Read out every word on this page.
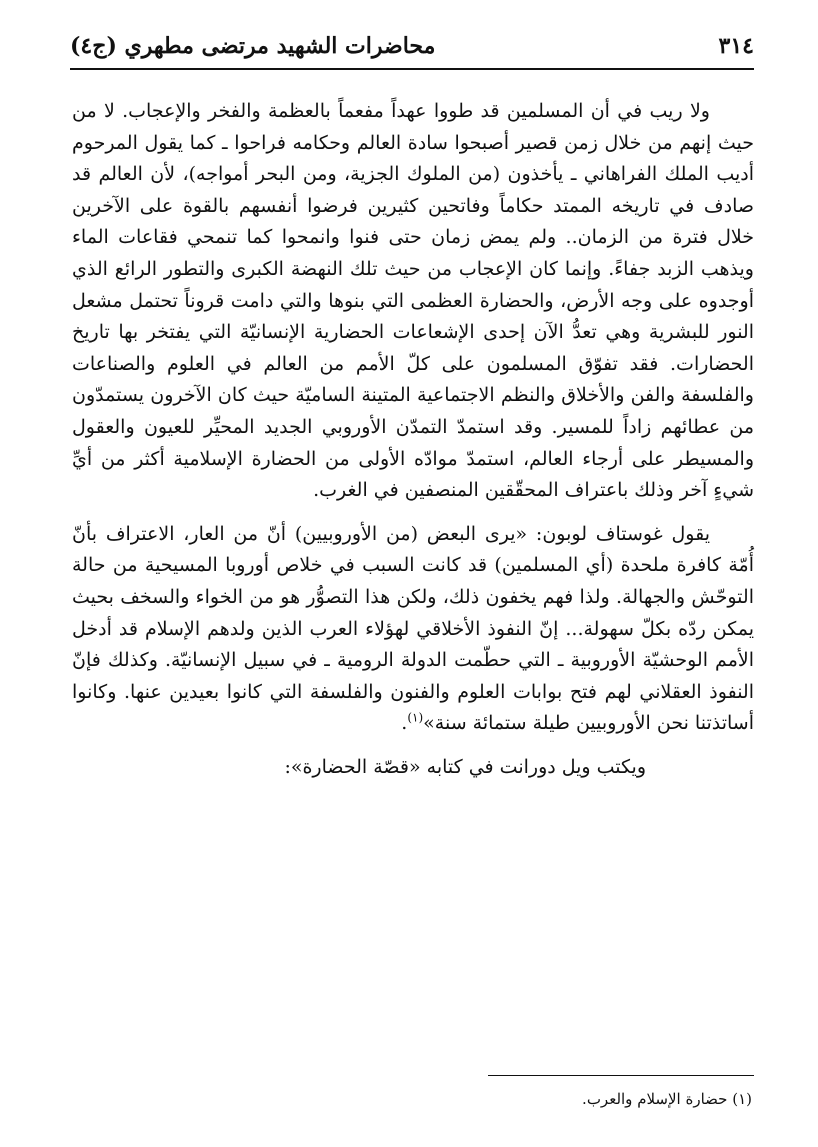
٣١٤
محاضرات الشهيد مرتضى مطهري (ج٤)

ولا ريب في أن المسلمين قد طووا عهداً مفعماً بالعظمة والفخر والإعجاب. لا من حيث إنهم من خلال زمن قصير أصبحوا سادة العالم وحكامه فراحوا ـ كما يقول المرحوم أديب الملك الفراهاني ـ يأخذون (من الملوك الجزية، ومن البحر أمواجه)، لأن العالم قد صادف في تاريخه الممتد حكاماً وفاتحين كثيرين فرضوا أنفسهم بالقوة على الآخرين خلال فترة من الزمان.. ولم يمض زمان حتى فنوا وانمحوا كما تنمحي فقاعات الماء ويذهب الزبد جفاءً. وإنما كان الإعجاب من حيث تلك النهضة الكبرى والتطور الرائع الذي أوجدوه على وجه الأرض، والحضارة العظمى التي بنوها والتي دامت قروناً تحتمل مشعل النور للبشرية وهي تعدُّ الآن إحدى الإشعاعات الحضارية الإنسانيّة التي يفتخر بها تاريخ الحضارات. فقد تفوّق المسلمون على كلّ الأمم من العالم في العلوم والصناعات والفلسفة والفن والأخلاق والنظم الاجتماعية المتينة الساميّة حيث كان الآخرون يستمدّون من عطائهم زاداً للمسير. وقد استمدّ التمدّن الأوروبي الجديد المحيِّر للعيون والعقول والمسيطر على أرجاء العالم، استمدّ موادّه الأولى من الحضارة الإسلامية أكثر من أيِّ شيءٍ آخر وذلك باعتراف المحقّقين المنصفين في الغرب.

يقول غوستاف لوبون: «يرى البعض (من الأوروبيين) أنّ من العار، الاعتراف بأنّ أُمّة كافرة ملحدة (أي المسلمين) قد كانت السبب في خلاص أوروبا المسيحية من حالة التوحّش والجهالة. ولذا فهم يخفون ذلك، ولكن هذا التصوُّر هو من الخواء والسخف بحيث يمكن ردّه بكلّ سهولة... إنّ النفوذ الأخلاقي لهؤلاء العرب الذين ولدهم الإسلام قد أدخل الأمم الوحشيّة الأوروبية ـ التي حطّمت الدولة الرومية ـ في سبيل الإنسانيّة. وكذلك فإنّ النفوذ العقلاني لهم فتح بوابات العلوم والفنون والفلسفة التي كانوا بعيدين عنها. وكانوا أساتذتنا نحن الأوروبيين طيلة ستمائة سنة»$^{(١)}$.

ويكتب ويل دورانت في كتابه «قصّة الحضارة»:

(١) حضارة الإسلام والعرب.
